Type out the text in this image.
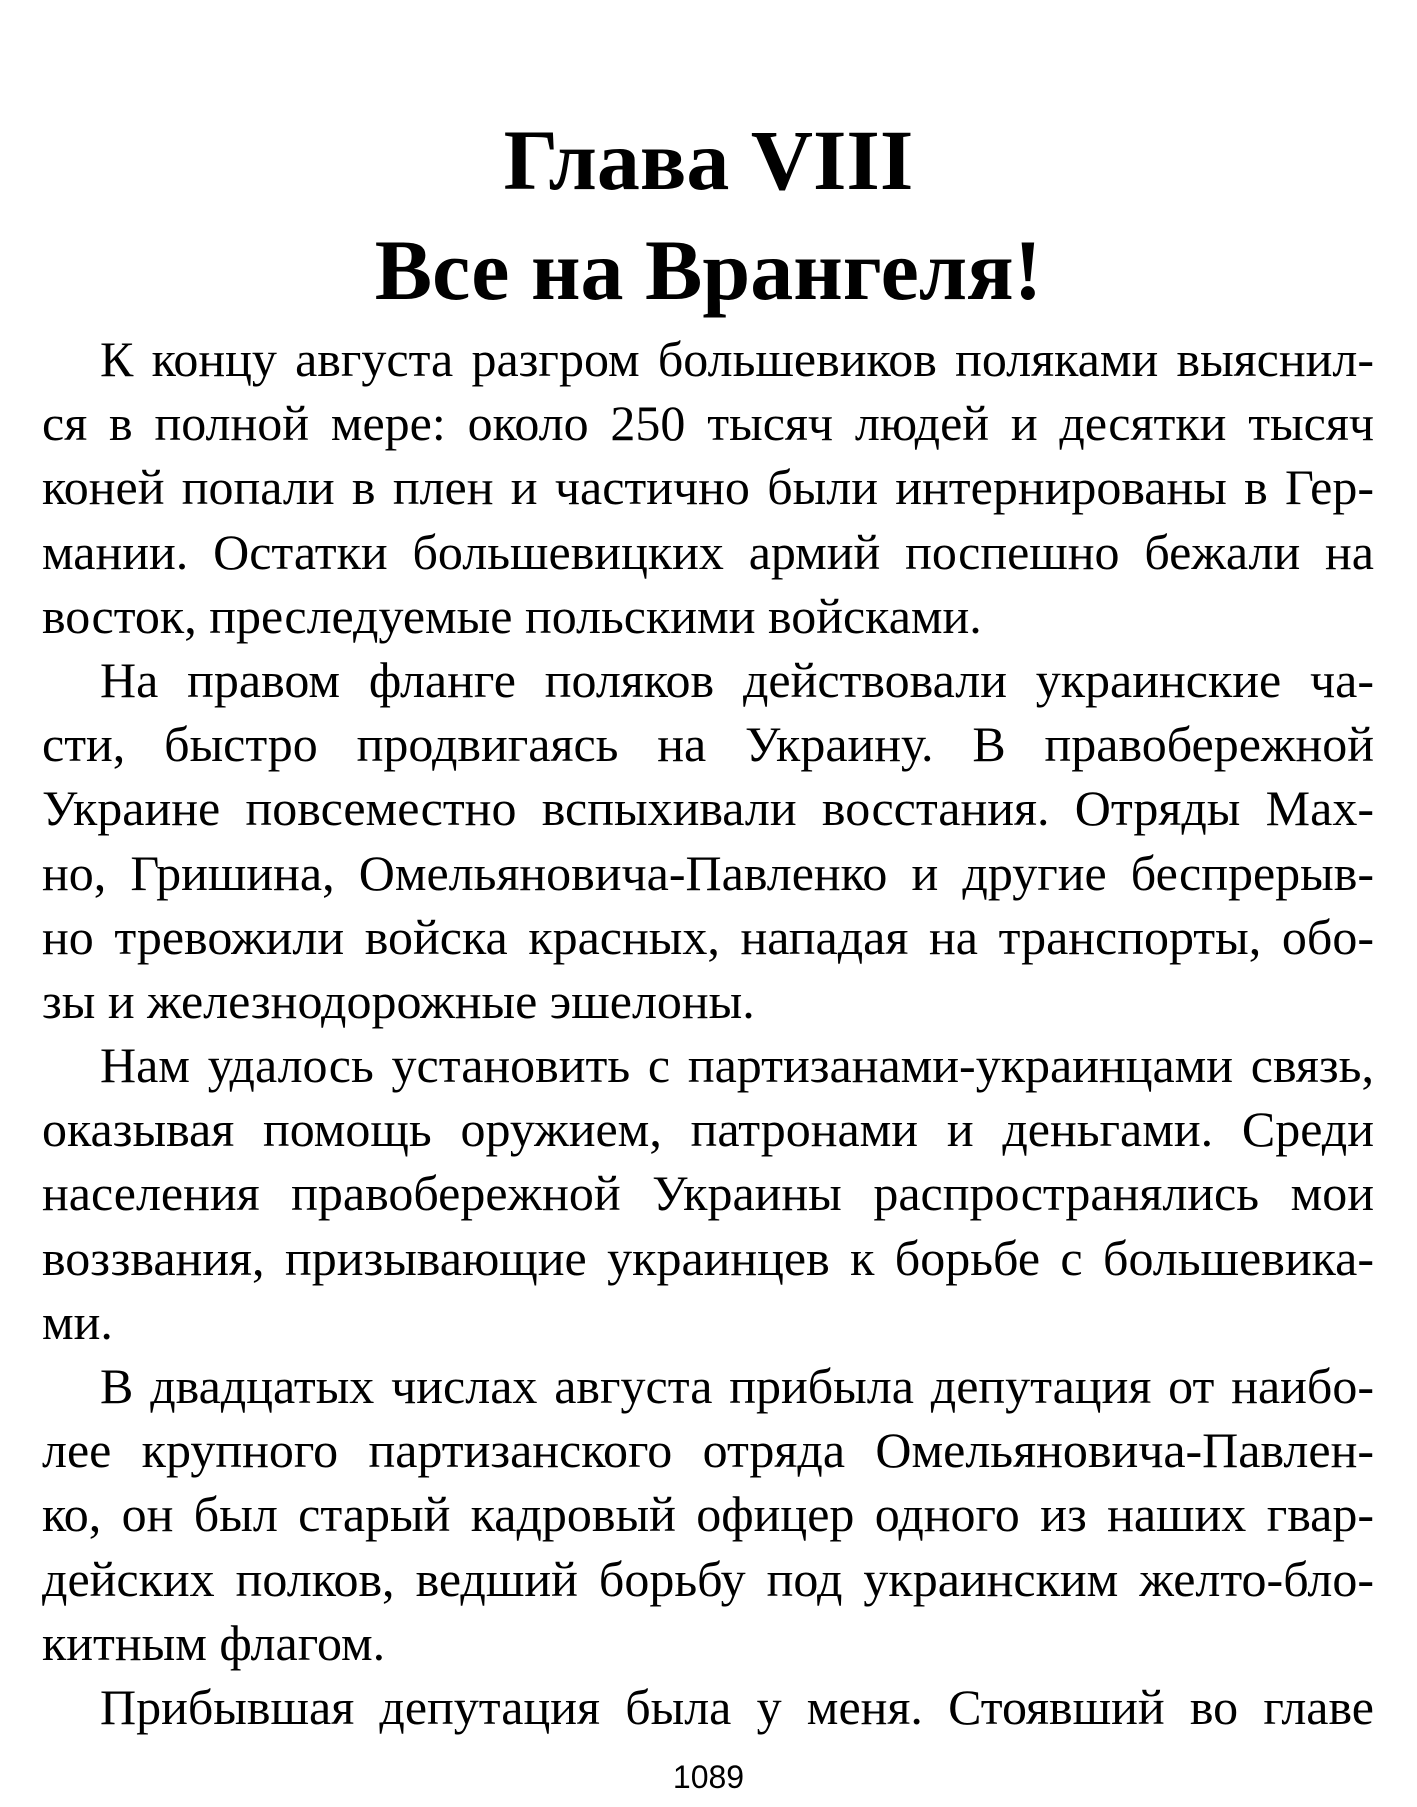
Глава VIII
Все на Врангеля!
К концу августа разгром большевиков поляками выяснил-
ся в полной мере: около 250 тысяч людей и десятки тысяч
коней попали в плен и частично были интернированы в Гер-
мании. Остатки большевицких армий поспешно бежали на
восток, преследуемые польскими войсками.
На правом фланге поляков действовали украинские ча-
сти, быстро продвигаясь на Украину. В правобережной
Украине повсеместно вспыхивали восстания. Отряды Мах-
но, Гришина, Омельяновича-Павленко и другие беспрерыв-
но тревожили войска красных, нападая на транспорты, обо-
зы и железнодорожные эшелоны.
Нам удалось установить с партизанами-украинцами связь,
оказывая помощь оружием, патронами и деньгами. Среди
населения правобережной Украины распространялись мои
воззвания, призывающие украинцев к борьбе с большевика-
ми.
В двадцатых числах августа прибыла депутация от наибо-
лее крупного партизанского отряда Омельяновича-Павлен-
ко, он был старый кадровый офицер одного из наших гвар-
дейских полков, ведший борьбу под украинским желто-бло-
китным флагом.
Прибывшая депутация была у меня. Стоявший во главе
1089
